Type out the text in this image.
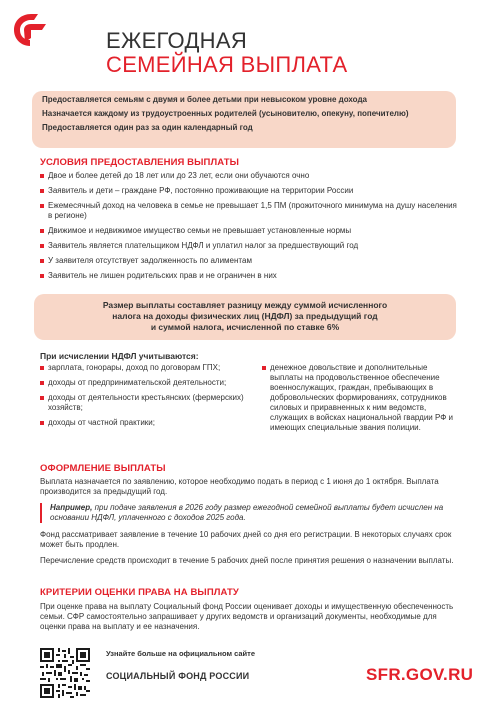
ЕЖЕГОДНАЯ
СЕМЕЙНАЯ ВЫПЛАТА

Предоставляется семьям с двумя и более детьми при невысоком уровне дохода

Назначается каждому из трудоустроенных родителей (усыновителю, опекуну, попечителю)

Предоставляется один раз за один календарный год

УСЛОВИЯ ПРЕДОСТАВЛЕНИЯ ВЫПЛАТЫ
Двое и более детей до 18 лет или до 23 лет, если они обучаются очно
Заявитель и дети – граждане РФ, постоянно проживающие на территории России
Ежемесячный доход на человека в семье не превышает 1,5 ПМ (прожиточного минимума на душу населения в регионе)
Движимое и недвижимое имущество семьи не превышает установленные нормы
Заявитель является плательщиком НДФЛ и уплатил налог за предшествующий год
У заявителя отсутствует задолженность по алиментам
Заявитель не лишен родительских прав и не ограничен в них

Размер выплаты составляет разницу между суммой исчисленного

налога на доходы физических лиц (НДФЛ) за предыдущий год

и суммой налога, исчисленной по ставке 6%

При исчислении НДФЛ учитываются:
зарплата, гонорары, доход по договорам ГПХ;
доходы от предпринимательской деятельности;
доходы от деятельности крестьянских (фермерских) хозяйств;
доходы от частной практики;
денежное довольствие и дополнительные выплаты на продовольственное обеспечение военнослужащих, граждан, пребывающих в добровольческих формированиях, сотрудников силовых и приравненных к ним ведомств, служащих в войсках национальной гвардии РФ и имеющих специальные звания полиции.
ОФОРМЛЕНИЕ ВЫПЛАТЫ
Выплата назначается по заявлению, которое необходимо подать в период с 1 июня до 1 октября. Выплата производится за предыдущий год.
Например, при подаче заявления в 2026 году размер ежегодной семейной выплаты будет исчислен на основании НДФЛ, уплаченного с доходов 2025 года.
Фонд рассматривает заявление в течение 10 рабочих дней со дня его регистрации. В некоторых случаях срок может быть продлен.
Перечисление средств происходит в течение 5 рабочих дней после принятия решения о назначении выплаты.
КРИТЕРИИ ОЦЕНКИ ПРАВА НА ВЫПЛАТУ
При оценке права на выплату Социальный фонд России оценивает доходы и имущественную обеспеченность семьи. СФР самостоятельно запрашивает у других ведомств и организаций документы, необходимые для оценки права на выплату и ее назначения.
Узнайте больше на официальном сайте
СОЦИАЛЬНЫЙ ФОНД РОССИИ	SFR.GOV.RU
